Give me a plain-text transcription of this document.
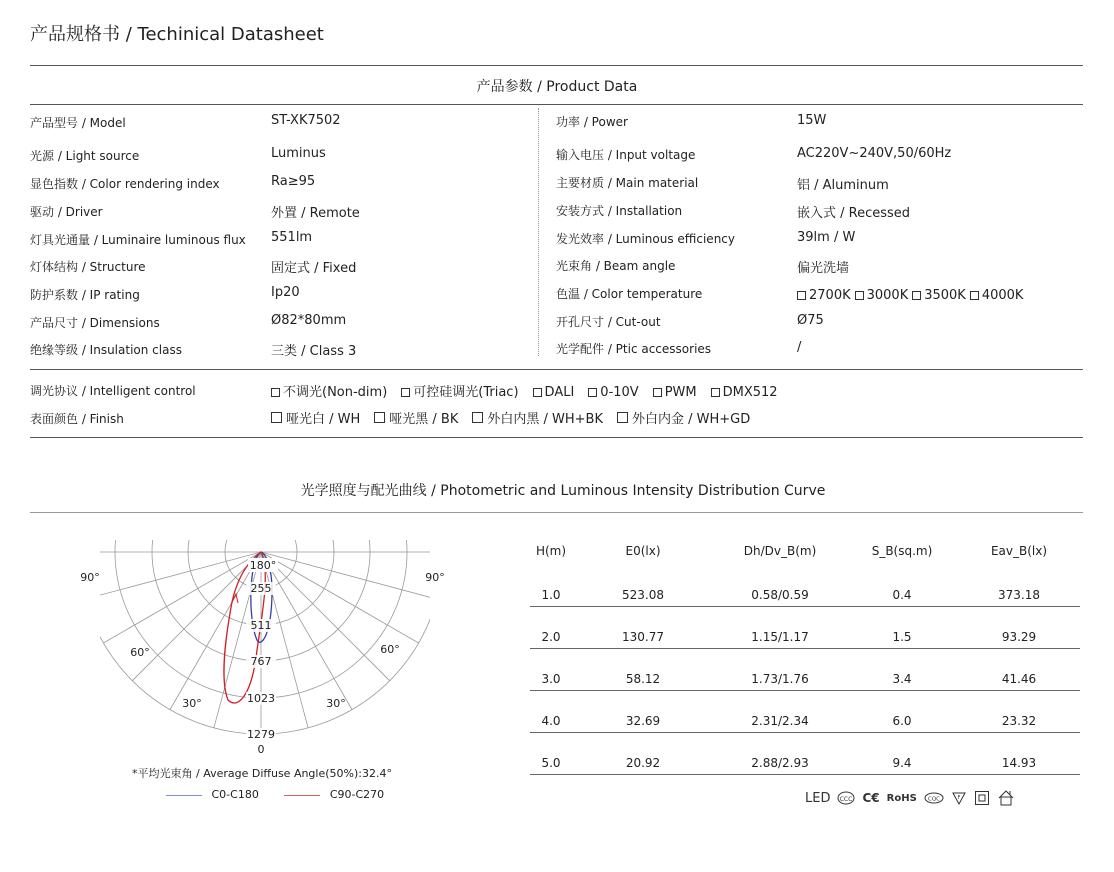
产品规格书 / Techinical Datasheet
产品参数 / Product Data
产品型号 / Model	ST-XK7502
光源 / Light source	Luminus
显色指数 / Color rendering index	Ra≥95
驱动 / Driver	外置 / Remote
灯具光通量 / Luminaire luminous flux 551lm
灯体结构 / Structure	固定式 / Fixed
防护系数 / IP rating	Ip20
产品尺寸 / Dimensions	Ø82*80mm
绝缘等级 / Insulation class	三类 / Class 3
功率 / Power	15W
输入电压 / Input voltage	AC220V~240V,50/60Hz
主要材质 / Main material	铝 / Aluminum
安装方式 / Installation	嵌入式 / Recessed
发光效率 / Luminous efficiency	39lm / W
光束角 / Beam angle	偏光洗墙
色温 / Color temperature	2700K 3000K 3500K 4000K
开孔尺寸 / Cut-out	Ø75
光学配件 / Ptic accessories	/
调光协议 / Intelligent control	不调光(Non-dim) 可控硅调光(Triac) DALI 0-10V PWM DMX512
表面颜色 / Finish	哑光白 / WH 哑光黑 / BK 外白内黑 / WH+BK 外白内金 / WH+GD
光学照度与配光曲线 / Photometric and Luminous Intensity Distribution Curve
180°
90°	90°
60°	60°
30°	30°
0
255
511
767
1023
1279
*平均光束角 / Average Diffuse Angle(50%):32.4°
C0-C180	C90-C270
H(m)	E0(lx)	Dh/Dv_B(m)	S_B(sq.m)	Eav_B(lx)
1.0	523.08	0.58/0.59	0.4	373.18
2.0	130.77	1.15/1.17	1.5	93.29
3.0	58.12	1.73/1.76	3.4	41.46
4.0	32.69	2.31/2.34	6.0	23.32
5.0	20.92	2.88/2.93	9.4	14.93
LED CCC C€ RoHS CQC	F
